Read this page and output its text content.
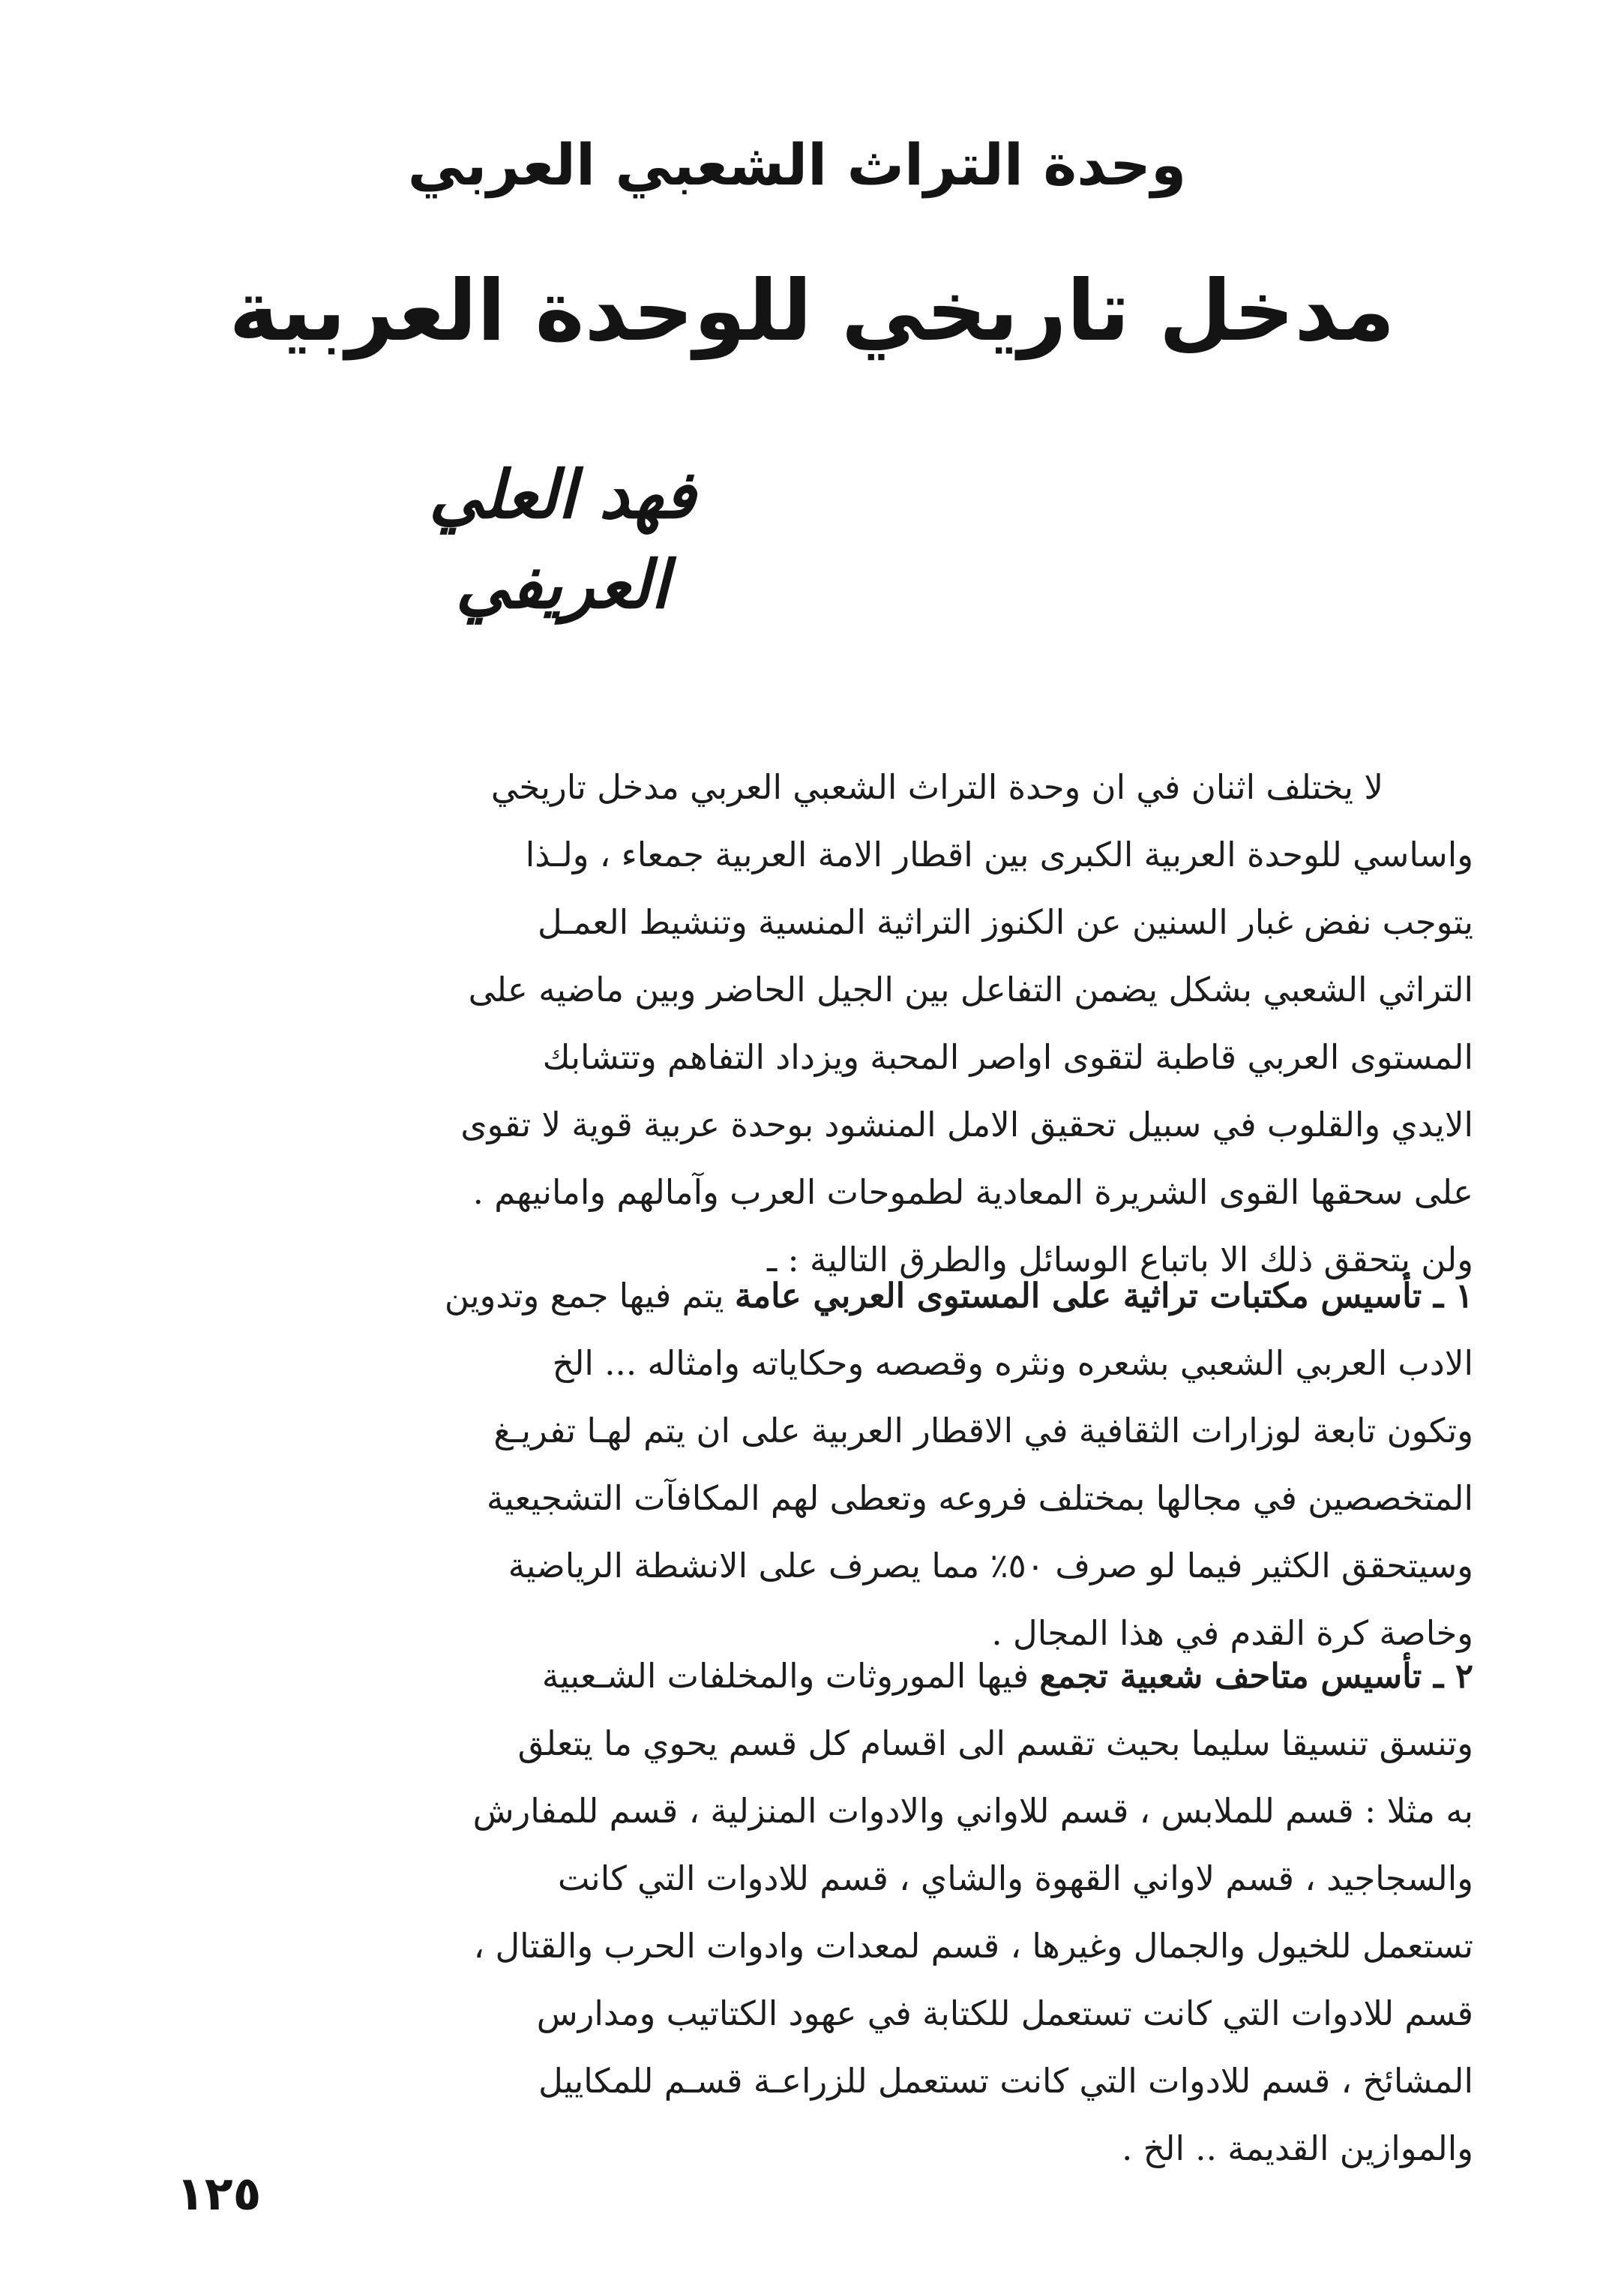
وحدة التراث الشعبي العربي
مدخل تاريخي للوحدة العربية
فهد العلي العريفي
لا يختلف اثنان في ان وحدة التراث الشعبي العربي مدخل تاريخي
واساسي للوحدة العربية الكبرى بين اقطار الامة العربية جمعاء ، ولـذا
يتوجب نفض غبار السنين عن الكنوز التراثية المنسية وتنشيط العمـل
التراثي الشعبي بشكل يضمن التفاعل بين الجيل الحاضر وبين ماضيه على
المستوى العربي قاطبة لتقوى اواصر المحبة ويزداد التفاهم وتتشابك
الايدي والقلوب في سبيل تحقيق الامل المنشود بوحدة عربية قوية لا تقوى
على سحقها القوى الشريرة المعادية لطموحات العرب وآمالهم وامانيهم .
ولن يتحقق ذلك الا باتباع الوسائل والطرق التالية : ـ
١ ـ تأسيس مكتبات تراثية على المستوى العربي عامة يتم فيها جمع وتدوين
الادب العربي الشعبي بشعره ونثره وقصصه وحكاياته وامثاله ... الخ
وتكون تابعة لوزارات الثقافية في الاقطار العربية على ان يتم لهـا تفريـغ
المتخصصين في مجالها بمختلف فروعه وتعطى لهم المكافآت التشجيعية
وسيتحقق الكثير فيما لو صرف ٥٠٪ مما يصرف على الانشطة الرياضية
وخاصة كرة القدم في هذا المجال .
٢ ـ تأسيس متاحف شعبية تجمع فيها الموروثات والمخلفات الشـعبية
وتنسق تنسيقا سليما بحيث تقسم الى اقسام كل قسم يحوي ما يتعلق
به مثلا : قسم للملابس ، قسم للاواني والادوات المنزلية ، قسم للمفارش
والسجاجيد ، قسم لاواني القهوة والشاي ، قسم للادوات التي كانت
تستعمل للخيول والجمال وغيرها ، قسم لمعدات وادوات الحرب والقتال ،
قسم للادوات التي كانت تستعمل للكتابة في عهود الكتاتيب ومدارس
المشائخ ، قسم للادوات التي كانت تستعمل للزراعـة قسـم للمكاييل
والموازين القديمة .. الخ .
١٢٥
